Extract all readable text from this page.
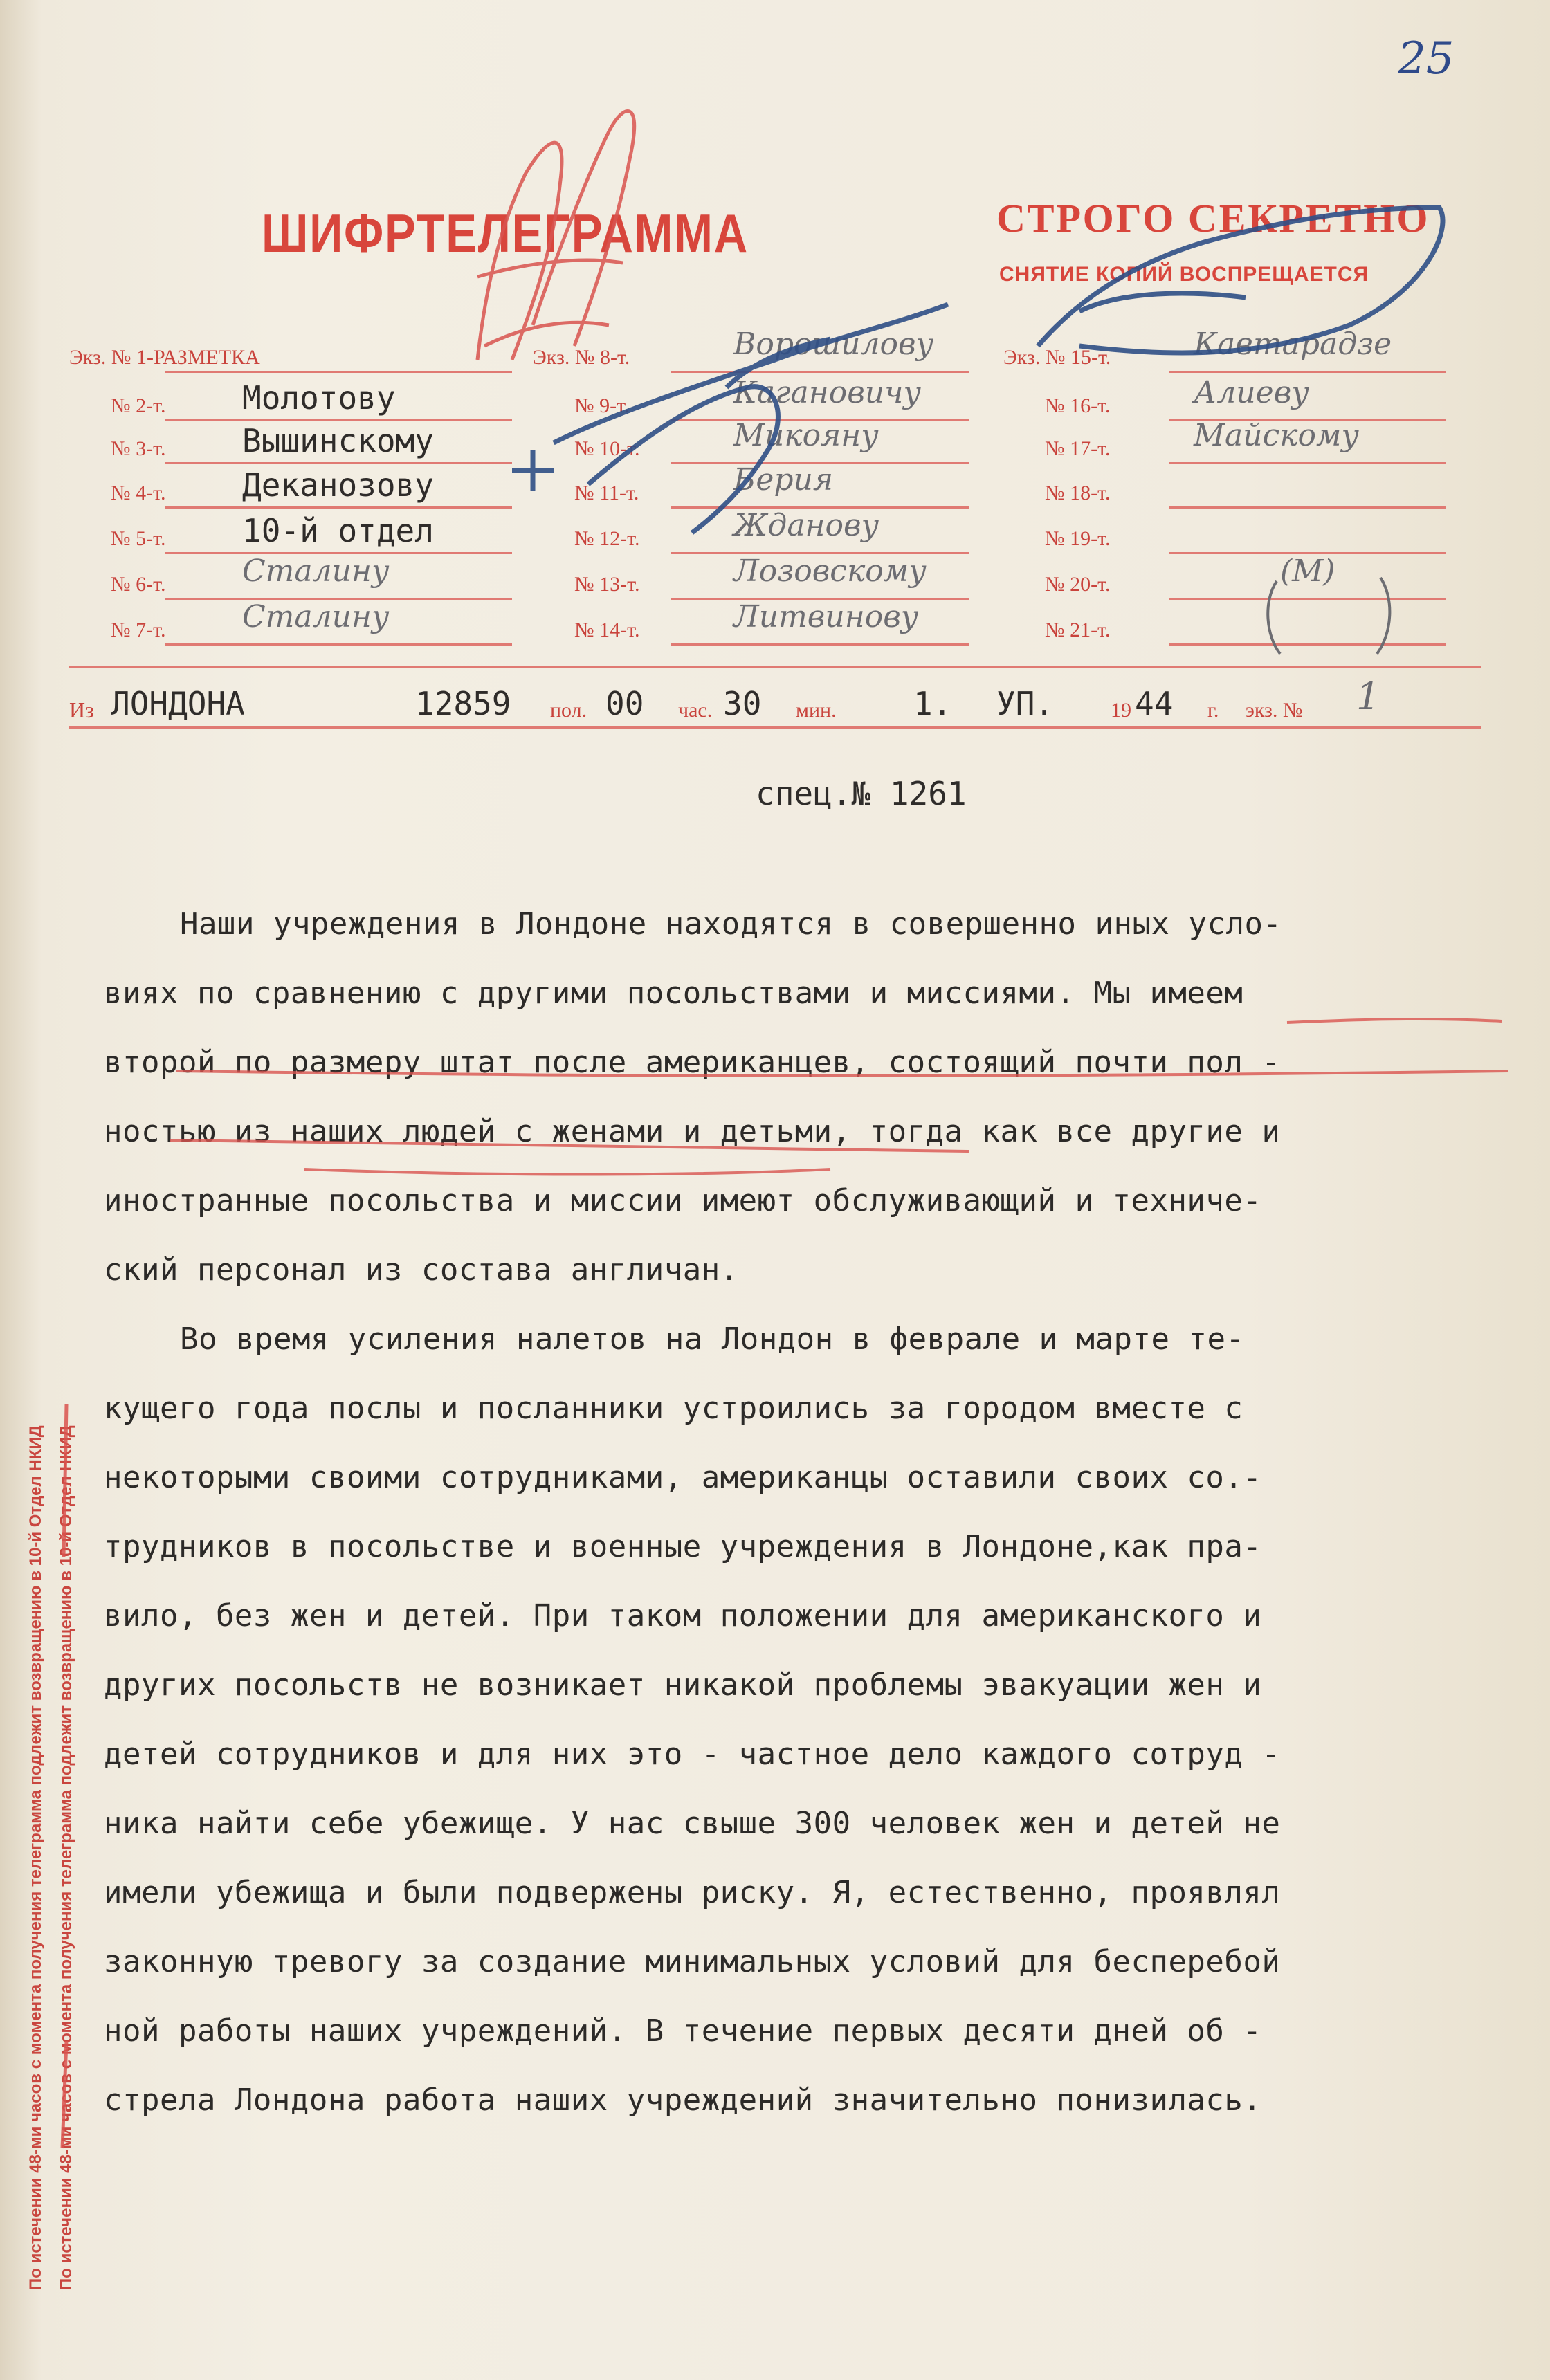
25
По истечении 48-ми часов с момента получения телеграмма подлежит возвращению в 10-й Отдел НКИД По истечении 48-ми часов с момента получения телеграмма подлежит возвращению в 10-й Отдел НКИД
ШИФРТЕЛЕГРАММА	СТРОГО СЕКРЕТНО
СНЯТИЕ КОПИЙ ВОСПРЕЩАЕТСЯ
Экз. № 1-РАЗМЕТКА
№ 2-т. Молотову
№ 3-т. Вышинскому
№ 4-т. Деканозову
№ 5-т. 10-й отдел
№ 6-т.	Сталину
№ 7-т.	Сталину
Экз. № 8-т.	Ворошилову
№ 9-т.	Кагановичу
№ 10-т.	Микояну
№ 11-т.	Берия
№ 12-т.	Жданову
№ 13-т.	Лозовскому
№ 14-т.	Литвинову
Экз. № 15-т.	Кавтарадзе
№ 16-т.	Алиеву
№ 17-т.	Майскому
№ 18-т.
№ 19-т.
№ 20-т.	(М)
№ 21-т.
Из ЛОНДОНА	12859 пол. 00 час. 30 мин. 1. УП.	19 44 г. экз. № 1
спец.№ 1261
Наши учреждения в Лондоне находятся в совершенно иных усло-
виях по сравнению с другими посольствами и миссиями. Мы имеем
второй по размеру штат после американцев, состоящий почти пол -
ностью из наших людей с женами и детьми, тогда как все другие и
иностранные посольства и миссии имеют обслуживающий и техниче-
ский персонал из состава англичан.
Во время усиления налетов на Лондон в феврале и марте те-
кущего года послы и посланники устроились за городом вместе с
некоторыми своими сотрудниками, американцы оставили своих со.-
трудников в посольстве и военные учреждения в Лондоне,как пра-
вило, без жен и детей. При таком положении для американского и
других посольств не возникает никакой проблемы эвакуации жен и
детей сотрудников и для них это - частное дело каждого сотруд -
ника найти себе убежище. У нас свыше 300 человек жен и детей не
имели убежища и были подвержены риску. Я, естественно, проявлял
законную тревогу за создание минимальных условий для бесперебой
ной работы наших учреждений. В течение первых десяти дней об -
стрела Лондона работа наших учреждений значительно понизилась.
